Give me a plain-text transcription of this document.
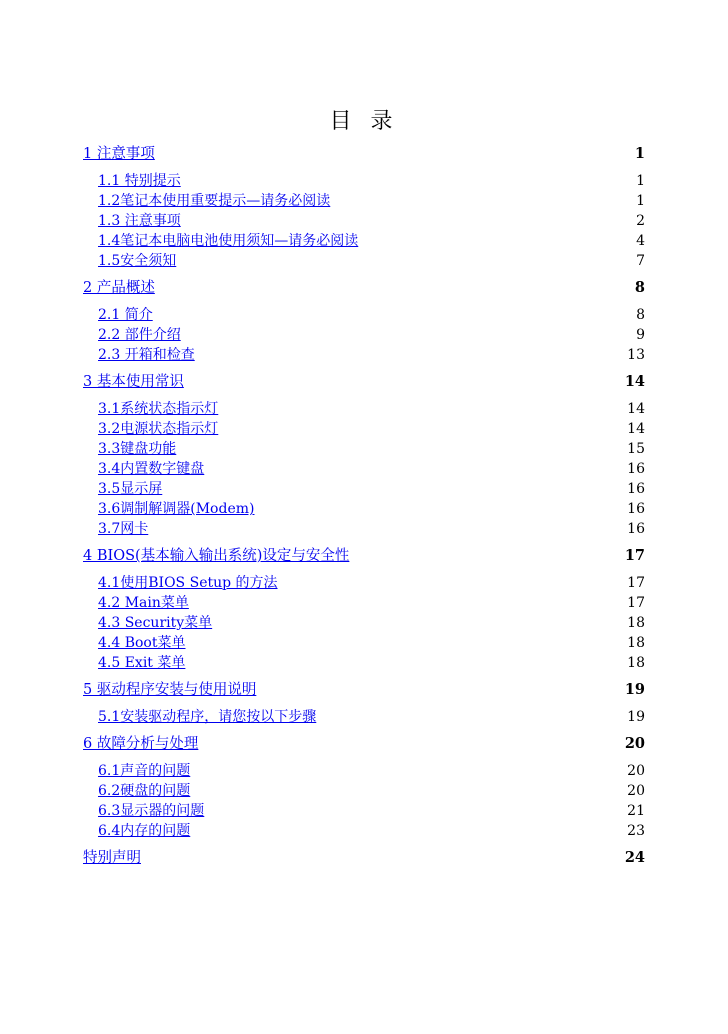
目 录
1 注意事项	1
1.1 特别提示	1
1.2笔记本使用重要提示—请务必阅读	1
1.3 注意事项	2
1.4笔记本电脑电池使用须知—请务必阅读	4
1.5安全须知	7
2 产品概述	8
2.1 简介	8
2.2 部件介绍	9
2.3 开箱和检查	13
3 基本使用常识	14
3.1系统状态指示灯	14
3.2电源状态指示灯	14
3.3键盘功能	15
3.4内置数字键盘	16
3.5显示屏	16
3.6调制解调器(Modem)	16
3.7网卡	16
4 BIOS(基本输入输出系统)设定与安全性	17
4.1使用BIOS Setup 的方法	17
4.2 Main菜单	17
4.3 Security菜单	18
4.4 Boot菜单	18
4.5 Exit 菜单	18
5 驱动程序安装与使用说明	19
5.1安装驱动程序，请您按以下步骤	19
6 故障分析与处理	20
6.1声音的问题	20
6.2硬盘的问题	20
6.3显示器的问题	21
6.4内存的问题	23
特别声明	24
